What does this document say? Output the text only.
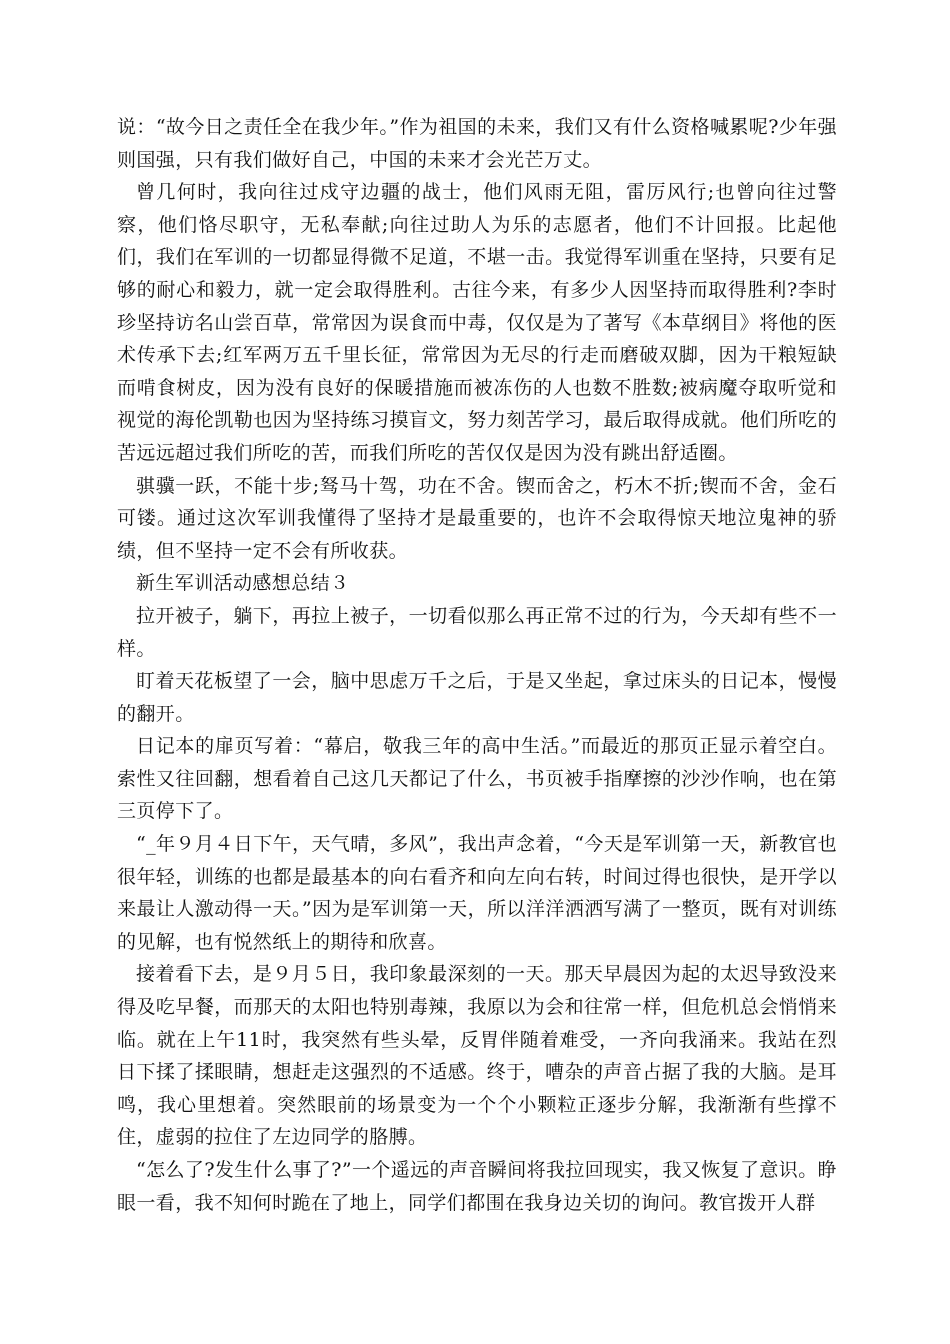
说：“故今日之责任全在我少年。”作为祖国的未来，我们又有什么资格喊累呢?少年强则国强，只有我们做好自己，中国的未来才会光芒万丈。

曾几何时，我向往过戍守边疆的战士，他们风雨无阻，雷厉风行;也曾向往过警察，他们恪尽职守，无私奉献;向往过助人为乐的志愿者，他们不计回报。比起他们，我们在军训的一切都显得微不足道，不堪一击。我觉得军训重在坚持，只要有足够的耐心和毅力，就一定会取得胜利。古往今来，有多少人因坚持而取得胜利?李时珍坚持访名山尝百草，常常因为误食而中毒，仅仅是为了著写《本草纲目》将他的医术传承下去;红军两万五千里长征，常常因为无尽的行走而磨破双脚，因为干粮短缺而啃食树皮，因为没有良好的保暖措施而被冻伤的人也数不胜数;被病魔夺取听觉和视觉的海伦凯勒也因为坚持练习摸盲文，努力刻苦学习，最后取得成就。他们所吃的苦远远超过我们所吃的苦，而我们所吃的苦仅仅是因为没有跳出舒适圈。

骐骥一跃，不能十步;驽马十驾，功在不舍。锲而舍之，朽木不折;锲而不舍，金石可镂。通过这次军训我懂得了坚持才是最重要的，也许不会取得惊天地泣鬼神的骄绩，但不坚持一定不会有所收获。

新生军训活动感想总结３

拉开被子，躺下，再拉上被子，一切看似那么再正常不过的行为，今天却有些不一样。

盯着天花板望了一会，脑中思虑万千之后，于是又坐起，拿过床头的日记本，慢慢的翻开。

日记本的扉页写着：“幕启，敬我三年的高中生活。”而最近的那页正显示着空白。索性又往回翻，想看着自己这几天都记了什么，书页被手指摩擦的沙沙作响，也在第三页停下了。

“_年９月４日下午，天气晴，多风”，我出声念着，“今天是军训第一天，新教官也很年轻，训练的也都是最基本的向右看齐和向左向右转，时间过得也很快，是开学以来最让人激动得一天。”因为是军训第一天，所以洋洋洒洒写满了一整页，既有对训练的见解，也有悦然纸上的期待和欣喜。

接着看下去，是９月５日，我印象最深刻的一天。那天早晨因为起的太迟导致没来得及吃早餐，而那天的太阳也特别毒辣，我原以为会和往常一样，但危机总会悄悄来临。就在上午11时，我突然有些头晕，反胃伴随着难受，一齐向我涌来。我站在烈日下揉了揉眼睛，想赶走这强烈的不适感。终于，嘈杂的声音占据了我的大脑。是耳鸣，我心里想着。突然眼前的场景变为一个个小颗粒正逐步分解，我渐渐有些撑不住，虚弱的拉住了左边同学的胳膊。

“怎么了?发生什么事了?”一个遥远的声音瞬间将我拉回现实，我又恢复了意识。睁眼一看，我不知何时跪在了地上，同学们都围在我身边关切的询问。教官拨开人群
